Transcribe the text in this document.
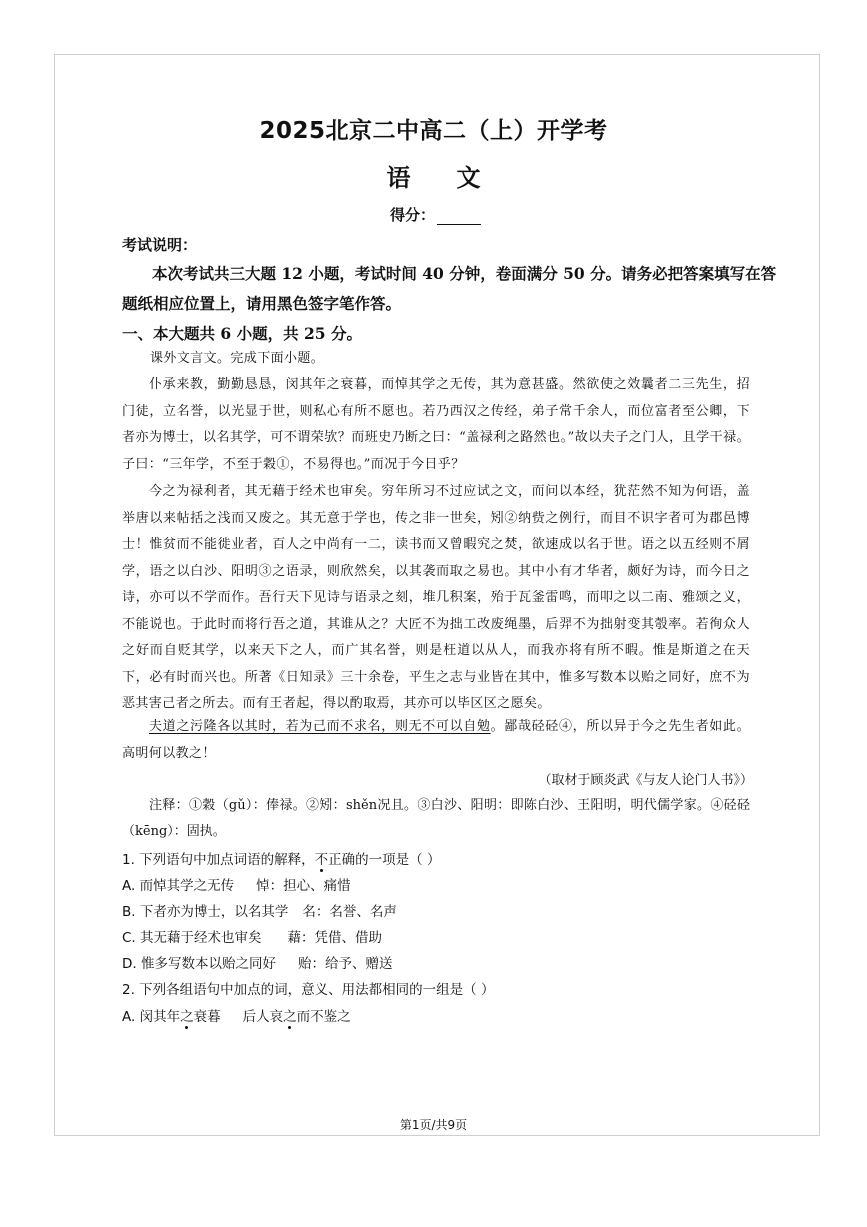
2025北京二中高二（上）开学考
语 文
得分：
考试说明：
本次考试共三大题 12 小题，考试时间 40 分钟，卷面满分 50 分。请务必把答案填写在答
题纸相应位置上，请用黑色签字笔作答。
一、本大题共 6 小题，共 25 分。
课外文言文。完成下面小题。
仆承来教，勤勤恳恳，闵其年之衰暮，而悼其学之无传，其为意甚盛。然欲使之效曩者二三先生，招门徒，立名誉，以光显于世，则私心有所不愿也。若乃西汉之传经，弟子常千余人，而位富者至公卿，下者亦为博士，以名其学，可不谓荣欤？而班史乃断之曰：“盖禄利之路然也。”故以夫子之门人，且学干禄。子曰：“三年学，不至于穀①，不易得也。”而况于今日乎？
今之为禄利者，其无藉于经术也审矣。穷年所习不过应试之文，而问以本经，犹茫然不知为何语，盖举唐以来帖括之浅而又废之。其无意于学也，传之非一世矣，矧②纳赀之例行，而目不识字者可为郡邑博士！惟贫而不能徙业者，百人之中尚有一二，读书而又曾暇究之焚，欲速成以名于世。语之以五经则不屑学，语之以白沙、阳明③之语录，则欣然矣，以其袭而取之易也。其中小有才华者，颇好为诗，而今日之诗，亦可以不学而作。吾行天下见诗与语录之刻，堆几积案，殆于瓦釜雷鸣，而叩之以二南、雅颂之义，不能说也。于此时而将行吾之道，其谁从之？大匠不为拙工改废绳墨，后羿不为拙射变其彀率。若徇众人之好而自贬其学，以来天下之人，而广其名誉，则是枉道以从人，而我亦将有所不暇。惟是斯道之在天下，必有时而兴也。所著《日知录》三十余卷，平生之志与业皆在其中，惟多写数本以贻之同好，庶不为恶其害己者之所去。而有王者起，得以酌取焉，其亦可以毕区区之愿矣。
夫道之污隆各以其时，若为己而不求名，则无不可以自勉。鄙哉硁硁④，所以异于今之先生者如此。高明何以教之！
（取材于顾炎武《与友人论门人书》）
注释：①穀（gǔ）：俸禄。②矧：shěn况且。③白沙、阳明：即陈白沙、王阳明，明代儒学家。④硁硁（kēng）：固执。
1. 下列语句中加点词语的解释，不正确的一项是（ ）
A. 而悼其学之无传 悼：担心、痛惜
B. 下者亦为博士，以名其学 名：名誉、名声
C. 其无藉于经术也审矣 藉：凭借、借助
D. 惟多写数本以贻之同好 贻：给予、赠送
2. 下列各组语句中加点的词，意义、用法都相同的一组是（ ）
A. 闵其年之衰暮 后人哀之而不鉴之
第1页/共9页
